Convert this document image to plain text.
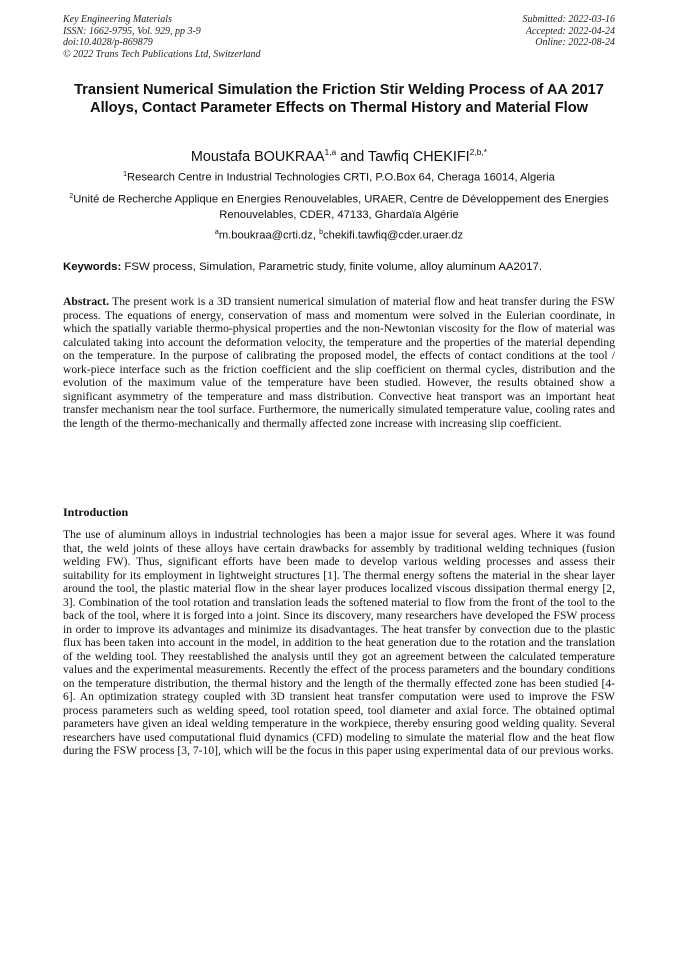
Key Engineering Materials
ISSN: 1662-9795, Vol. 929, pp 3-9
doi:10.4028/p-869879
© 2022 Trans Tech Publications Ltd, Switzerland
Submitted: 2022-03-16
Accepted: 2022-04-24
Online: 2022-08-24
Transient Numerical Simulation the Friction Stir Welding Process of AA 2017 Alloys, Contact Parameter Effects on Thermal History and Material Flow
Moustafa BOUKRAA$^{1,a}$ and Tawfiq $CHEKIFI^{2,b,*}$
$^1$Research Centre in Industrial Technologies CRTI, P.O.Box 64, Cheraga 16014, Algeria
$^2$Unité de Recherche Applique en Energies Renouvelables, URAER, Centre de Développement des Energies Renouvelables, CDER, 47133, Ghardaïa Algérie
$^a$m.boukraa@crti.dz, $^b$chekifi.tawfiq@cder.uraer.dz
Keywords: FSW process, Simulation, Parametric study, finite volume, alloy aluminum AA2017.

Abstract. The present work is a 3D transient numerical simulation of material flow and heat transfer during the FSW process. The equations of energy, conservation of mass and momentum were solved in the Eulerian coordinate, in which the spatially variable thermo-physical properties and the non-Newtonian viscosity for the flow of material was calculated taking into account the deformation velocity, the temperature and the properties of the material depending on the temperature. In the purpose of calibrating the proposed model, the effects of contact conditions at the tool / work-piece interface such as the friction coefficient and the slip coefficient on thermal cycles, distribution and the evolution of the maximum value of the temperature have been studied. However, the results obtained show a significant asymmetry of the temperature and mass distribution. Convective heat transport was an important heat transfer mechanism near the tool surface. Furthermore, the numerically simulated temperature value, cooling rates and the length of the thermo-mechanically and thermally affected zone increase with increasing slip coefficient.

Introduction

The use of aluminum alloys in industrial technologies has been a major issue for several ages. Where it was found that, the weld joints of these alloys have certain drawbacks for assembly by traditional welding techniques (fusion welding FW). Thus, significant efforts have been made to develop various welding processes and assess their suitability for its employment in lightweight structures [1]. The thermal energy softens the material in the shear layer around the tool, the plastic material flow in the shear layer produces localized viscous dissipation thermal energy [2, 3]. Combination of the tool rotation and translation leads the softened material to flow from the front of the tool to the back of the tool, where it is forged into a joint. Since its discovery, many researchers have developed the FSW process in order to improve its advantages and minimize its disadvantages. The heat transfer by convection due to the plastic flux has been taken into account in the model, in addition to the heat generation due to the rotation and the translation of the welding tool. They reestablished the analysis until they got an agreement between the calculated temperature values and the experimental measurements. Recently the effect of the process parameters and the boundary conditions on the temperature distribution, the thermal history and the length of the thermally effected zone has been studied [4-6]. An optimization strategy coupled with 3D transient heat transfer computation were used to improve the FSW process parameters such as welding speed, tool rotation speed, tool diameter and axial force. The obtained optimal parameters have given an ideal welding temperature in the workpiece, thereby ensuring good welding quality. Several researchers have used computational fluid dynamics (CFD) modeling to simulate the material flow and the heat flow during the FSW process [3, 7-10], which will be the focus in this paper using experimental data of our previous works.
